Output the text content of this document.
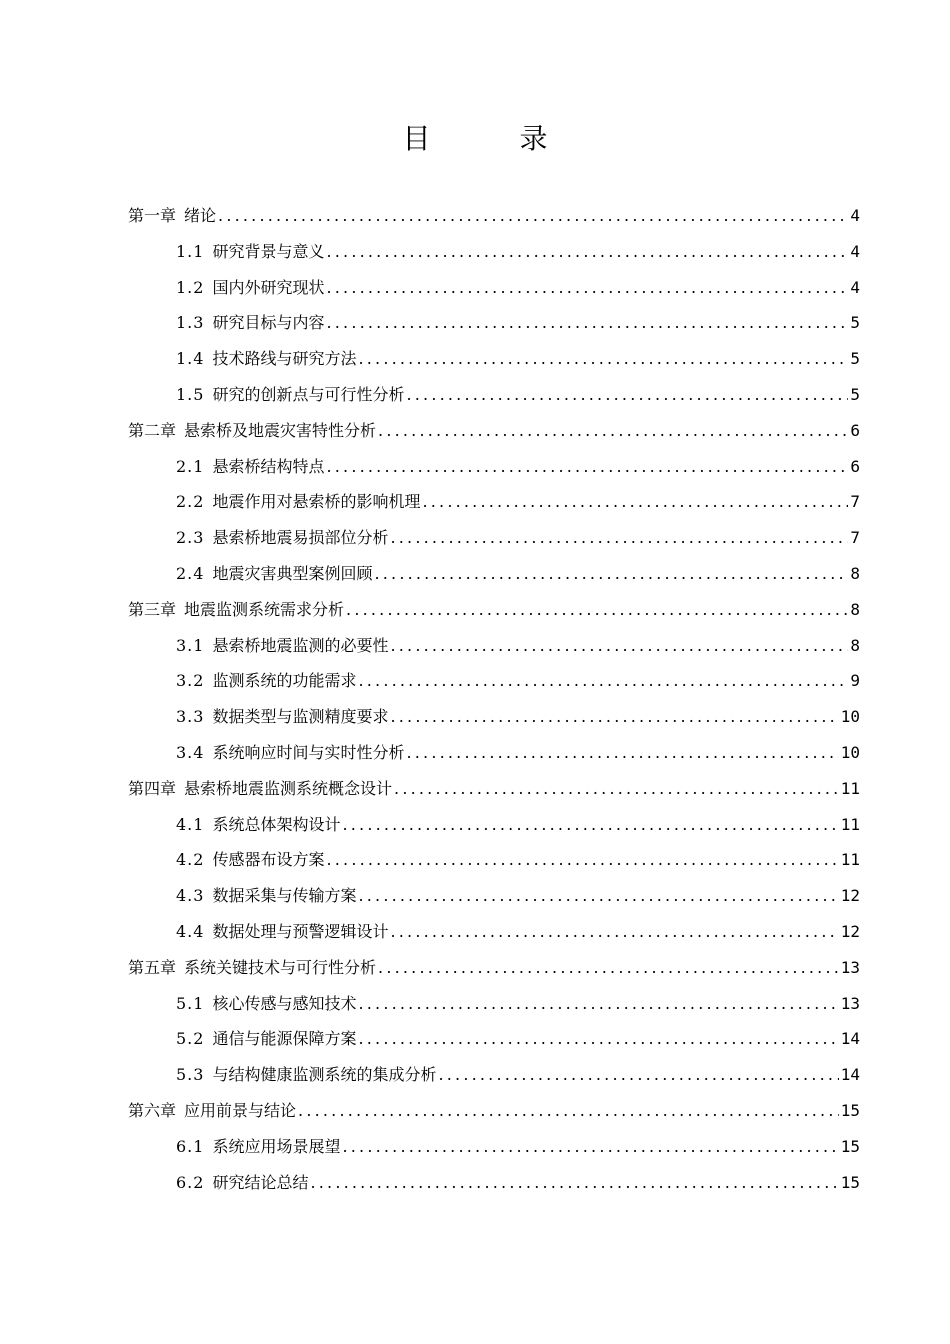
目 录
第一章 绪论 .....	4
1.1 研究背景与意义 .....	4
1.2 国内外研究现状 .....	4
1.3 研究目标与内容 .....	5
1.4 技术路线与研究方法 .....	5
1.5 研究的创新点与可行性分析 .....	5
第二章 悬索桥及地震灾害特性分析 .....	6
2.1 悬索桥结构特点 .....	6
2.2 地震作用对悬索桥的影响机理 .....	7
2.3 悬索桥地震易损部位分析 .....	7
2.4 地震灾害典型案例回顾 .....	8
第三章 地震监测系统需求分析 .....	8
3.1 悬索桥地震监测的必要性 .....	8
3.2 监测系统的功能需求 .....	9
3.3 数据类型与监测精度要求 .....	10
3.4 系统响应时间与实时性分析 .....	10
第四章 悬索桥地震监测系统概念设计 .....	11
4.1 系统总体架构设计 .....	11
4.2 传感器布设方案 .....	11
4.3 数据采集与传输方案 .....	12
4.4 数据处理与预警逻辑设计 .....	12
第五章 系统关键技术与可行性分析 .....	13
5.1 核心传感与感知技术 .....	13
5.2 通信与能源保障方案 .....	14
5.3 与结构健康监测系统的集成分析 .....	14
第六章 应用前景与结论 .....	15
6.1 系统应用场景展望 .....	15
6.2 研究结论总结 .....	15
